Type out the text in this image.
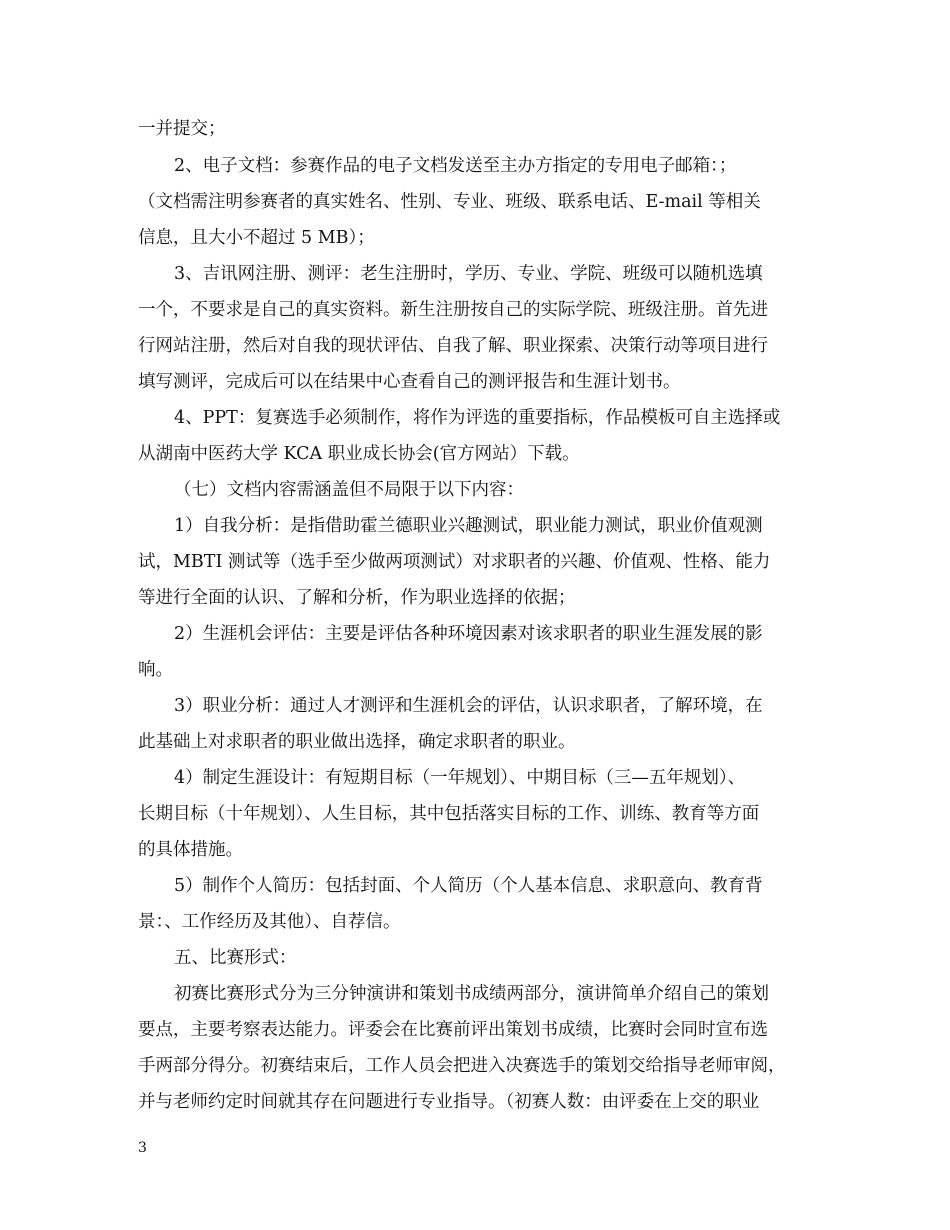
一并提交；
2、电子文档：参赛作品的电子文档发送至主办方指定的专用电子邮箱：；
（文档需注明参赛者的真实姓名、性别、专业、班级、联系电话、E-mail 等相关
信息，且大小不超过 5 MB）；
3、吉讯网注册、测评：老生注册时，学历、专业、学院、班级可以随机选填
一个，不要求是自己的真实资料。新生注册按自己的实际学院、班级注册。首先进
行网站注册，然后对自我的现状评估、自我了解、职业探索、决策行动等项目进行
填写测评，完成后可以在结果中心查看自己的测评报告和生涯计划书。
4、PPT：复赛选手必须制作，将作为评选的重要指标，作品模板可自主选择或
从湖南中医药大学 KCA 职业成长协会(官方网站）下载。
（七）文档内容需涵盖但不局限于以下内容：
1）自我分析：是指借助霍兰德职业兴趣测试，职业能力测试，职业价值观测
试，MBTI 测试等（选手至少做两项测试）对求职者的兴趣、价值观、性格、能力
等进行全面的认识、了解和分析，作为职业选择的依据；
2）生涯机会评估：主要是评估各种环境因素对该求职者的职业生涯发展的影
响。
3）职业分析：通过人才测评和生涯机会的评估，认识求职者，了解环境，在
此基础上对求职者的职业做出选择，确定求职者的职业。
4）制定生涯设计：有短期目标（一年规划）、中期目标（三—五年规划）、
长期目标（十年规划）、人生目标，其中包括落实目标的工作、训练、教育等方面
的具体措施。
5）制作个人简历：包括封面、个人简历（个人基本信息、求职意向、教育背
景：、工作经历及其他）、自荐信。
五、比赛形式：
初赛比赛形式分为三分钟演讲和策划书成绩两部分，演讲简单介绍自己的策划
要点，主要考察表达能力。评委会在比赛前评出策划书成绩，比赛时会同时宣布选
手两部分得分。初赛结束后，工作人员会把进入决赛选手的策划交给指导老师审阅，
并与老师约定时间就其存在问题进行专业指导。（初赛人数：由评委在上交的职业
3
